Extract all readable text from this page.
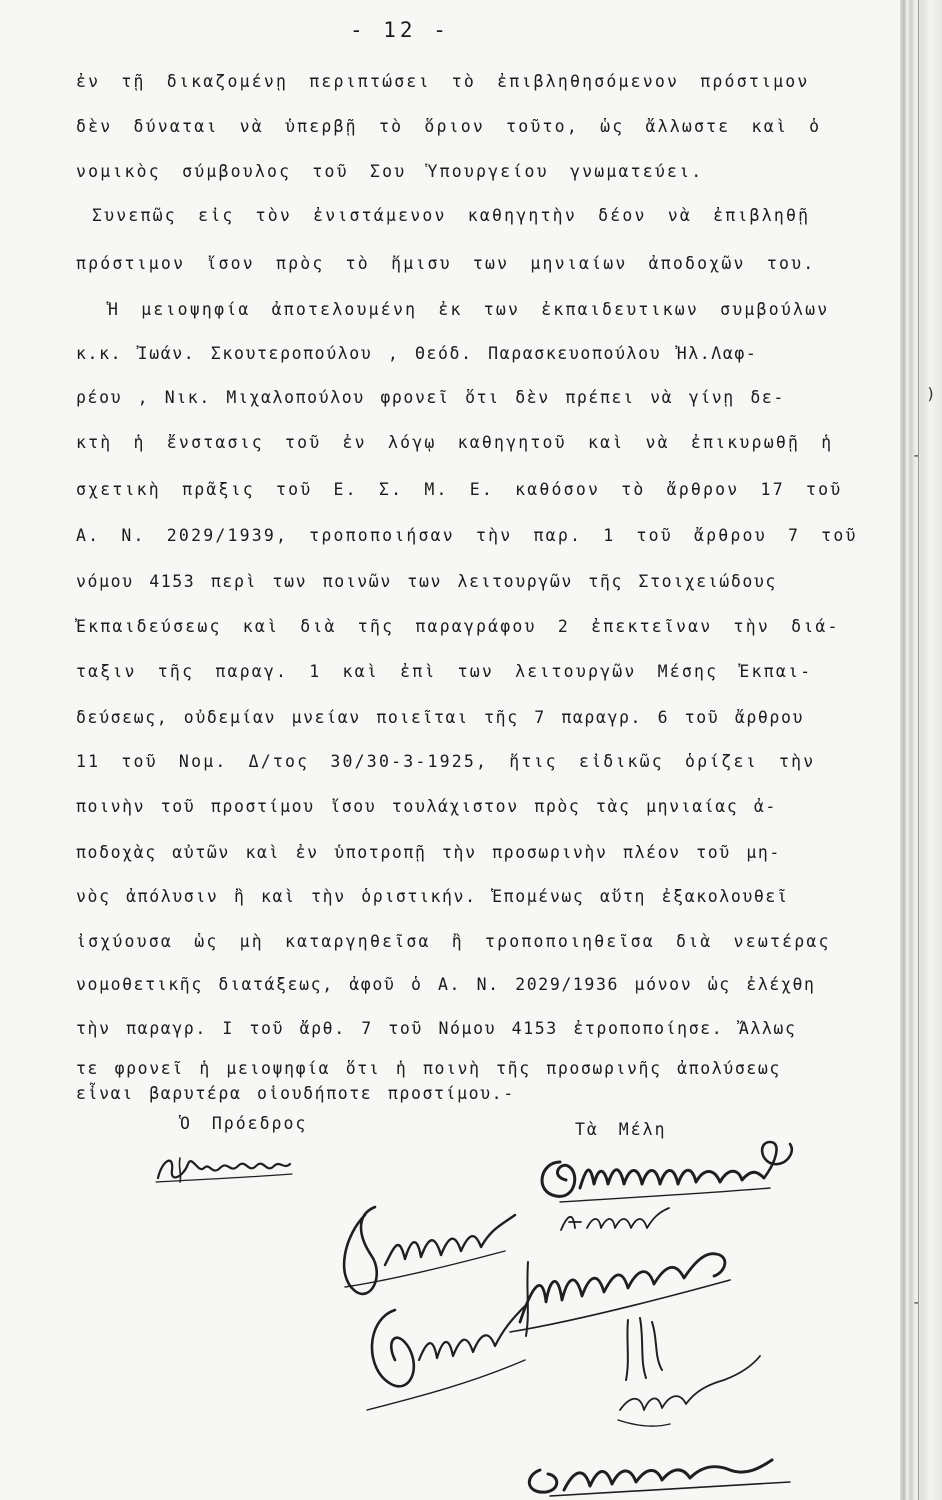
- 12 -
ἐν τῇ δικαζομένῃ περιπτώσει τὸ ἐπιβληθησόμενον πρόστιμον
δὲν δύναται νὰ ὑπερβῇ τὸ ὅριον τοῦτο, ὡς ἄλλωστε καὶ ὁ
νομικὸς σύμβουλος τοῦ Σου Ὑπουργείου γνωματεύει.
Συνεπῶς εἰς τὸν ἐνιστάμενον καθηγητὴν δέον νὰ ἐπιβληθῇ
πρόστιμον ἴσον πρὸς τὸ ἥμισυ των μηνιαίων ἀποδοχῶν του.
Ἡ μειοψηφία ἀποτελουμένη ἐκ των ἐκπαιδευτικων συμβούλων
κ.κ. Ἰωάν. Σκουτεροπούλου , Θεόδ. Παρασκευοπούλου Ἠλ.Λαφ-
ρέου , Νικ. Μιχαλοπούλου φρονεῖ ὅτι δὲν πρέπει νὰ γίνῃ δε-
κτὴ ἡ ἔνστασις τοῦ ἐν λόγῳ καθηγητοῦ καὶ νὰ ἐπικυρωθῇ ἡ
σχετικὴ πρᾶξις τοῦ Ε. Σ. Μ. Ε. καθόσον τὸ ἄρθρον 17 τοῦ
Α. Ν. 2029/1939, τροποποιήσαν τὴν παρ. 1 τοῦ ἄρθρου 7 τοῦ
νόμου 4153 περὶ των ποινῶν των λειτουργῶν τῆς Στοιχειώδους
Ἐκπαιδεύσεως καὶ διὰ τῆς παραγράφου 2 ἐπεκτεῖναν τὴν διά-
ταξιν τῆς παραγ. 1 καὶ ἐπὶ των λειτουργῶν Μέσης Ἐκπαι-
δεύσεως, οὐδεμίαν μνείαν ποιεῖται τῆς 7 παραγρ. 6 τοῦ ἄρθρου
11 τοῦ Νομ. Δ/τος 30/30-3-1925, ἥτις εἰδικῶς ὁρίζει τὴν
ποινὴν τοῦ προστίμου ἴσου τουλάχιστον πρὸς τὰς μηνιαίας ἀ-
ποδοχὰς αὐτῶν καὶ ἐν ὑποτροπῇ τὴν προσωρινὴν πλέον τοῦ μη-
νὸς ἀπόλυσιν ἢ καὶ τὴν ὁριστικήν. Ἑπομένως αὕτη ἐξακολουθεῖ
ἰσχύουσα ὡς μὴ καταργηθεῖσα ἢ τροποποιηθεῖσα διὰ νεωτέρας
νομοθετικῆς διατάξεως, ἀφοῦ ὁ Α. Ν. 2029/1936 μόνον ὡς ἐλέχθη
τὴν παραγρ. Ι τοῦ ἄρθ. 7 τοῦ Νόμου 4153 ἐτροποποίησε. Ἄλλως
τε φρονεῖ ἡ μειοψηφία ὅτι ἡ ποινὴ τῆς προσωρινῆς ἀπολύσεως
εἶναι βαρυτέρα οἱουδήποτε προστίμου.-
Ὁ Πρόεδρος	Τὰ Μέλη
)
-
-
